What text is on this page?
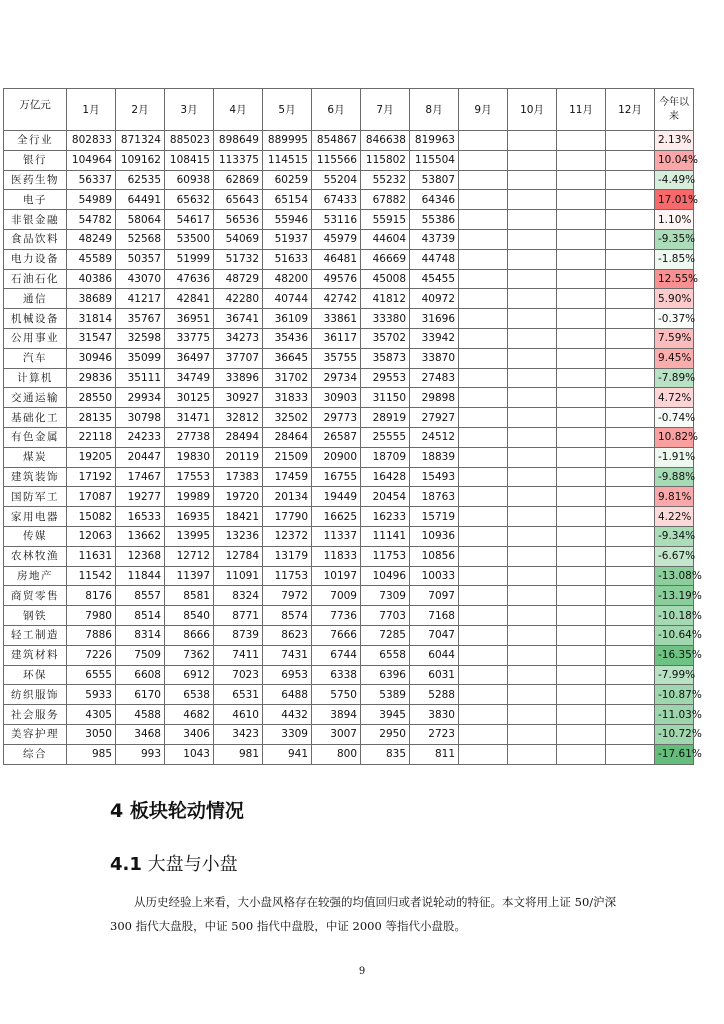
万亿元	1月	2月	3月	4月	5月	6月	7月	8月	9月	10月	11月	12月	今年以
来

全行业	802833	871324	885023	898649	889995	854867	846638	819963					2.13%
银行	104964	109162	108415	113375	114515	115566	115802	115504					10.04%
医药生物	56337	62535	60938	62869	60259	55204	55232	53807					-4.49%
电子	54989	64491	65632	65643	65154	67433	67882	64346					17.01%
非银金融	54782	58064	54617	56536	55946	53116	55915	55386					1.10%
食品饮料	48249	52568	53500	54069	51937	45979	44604	43739					-9.35%
电力设备	45589	50357	51999	51732	51633	46481	46669	44748					-1.85%
石油石化	40386	43070	47636	48729	48200	49576	45008	45455					12.55%
通信	38689	41217	42841	42280	40744	42742	41812	40972					5.90%
机械设备	31814	35767	36951	36741	36109	33861	33380	31696					-0.37%
公用事业	31547	32598	33775	34273	35436	36117	35702	33942					7.59%
汽车	30946	35099	36497	37707	36645	35755	35873	33870					9.45%
计算机	29836	35111	34749	33896	31702	29734	29553	27483					-7.89%
交通运输	28550	29934	30125	30927	31833	30903	31150	29898					4.72%
基础化工	28135	30798	31471	32812	32502	29773	28919	27927					-0.74%
有色金属	22118	24233	27738	28494	28464	26587	25555	24512					10.82%
煤炭	19205	20447	19830	20119	21509	20900	18709	18839					-1.91%
建筑装饰	17192	17467	17553	17383	17459	16755	16428	15493					-9.88%
国防军工	17087	19277	19989	19720	20134	19449	20454	18763					9.81%
家用电器	15082	16533	16935	18421	17790	16625	16233	15719					4.22%
传媒	12063	13662	13995	13236	12372	11337	11141	10936					-9.34%
农林牧渔	11631	12368	12712	12784	13179	11833	11753	10856					-6.67%
房地产	11542	11844	11397	11091	11753	10197	10496	10033					-13.08%
商贸零售	8176	8557	8581	8324	7972	7009	7309	7097					-13.19%
钢铁	7980	8514	8540	8771	8574	7736	7703	7168					-10.18%
轻工制造	7886	8314	8666	8739	8623	7666	7285	7047					-10.64%
建筑材料	7226	7509	7362	7411	7431	6744	6558	6044					-16.35%
环保	6555	6608	6912	7023	6953	6338	6396	6031					-7.99%
纺织服饰	5933	6170	6538	6531	6488	5750	5389	5288					-10.87%
社会服务	4305	4588	4682	4610	4432	3894	3945	3830					-11.03%
美容护理	3050	3468	3406	3423	3309	3007	2950	2723					-10.72%
综合	985	993	1043	981	941	800	835	811					-17.61%
4 板块轮动情况
4.1 大盘与小盘

从历史经验上来看，大小盘风格存在较强的均值回归或者说轮动的特征。本文将用上证 50/沪深 300 指代大盘股，中证 500 指代中盘股，中证 2000 等指代小盘股。

9
